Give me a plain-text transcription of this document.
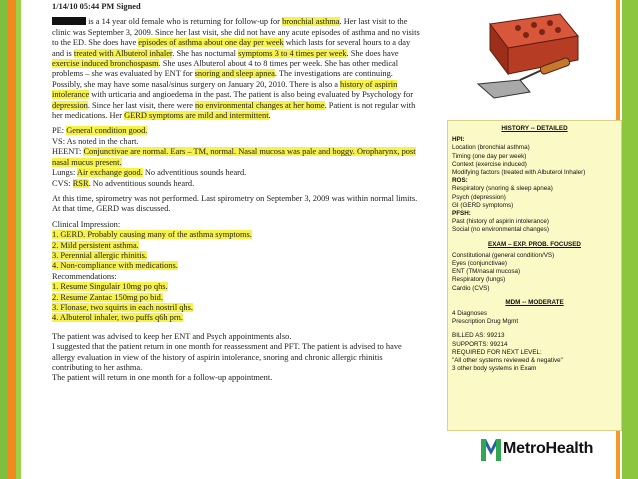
1/14/10 05:44 PM Signed

is a 14 year old female who is returning for follow-up for bronchial asthma. Her last visit to the clinic was September 3, 2009. Since her last visit, she did not have any acute episodes of asthma and no visits to the ED. She does have episodes of asthma about one day per week which lasts for several hours to a day and is treated with Albuterol inhaler. She has nocturnal symptoms 3 to 4 times per week. She does have exercise induced bronchospasm. She uses Albuterol about 4 to 8 times per week. She has other medical problems – she was evaluated by ENT for snoring and sleep apnea. The investigations are continuing. Possibly, she may have some nasal/sinus surgery on January 20, 2010. There is also a history of aspirin intolerance with urticaria and angioedema in the past. The patient is also being evaluated by Psychology for depression. Since her last visit, there were no environmental changes at her home. Patient is not regular with her medications. Her GERD symptoms are mild and intermittent.

PE: General condition good.
VS: As noted in the chart.
HEENT: Conjunctivae are normal. Ears – TM, normal. Nasal mucosa was pale and boggy. Oropharynx, post nasal mucus present.
Lungs: Air exchange good. No adventitious sounds heard.
CVS: RSR. No adventitious sounds heard.

At this time, spirometry was not performed. Last spirometry on September 3, 2009 was within normal limits. At that time, GERD was discussed.

Clinical Impression:
1. GERD. Probably causing many of the asthma symptoms.
2. Mild persistent asthma.
3. Perennial allergic rhinitis.
4. Non-compliance with medications.
Recommendations:
1. Resume Singulair 10mg po qhs.
2. Resume Zantac 150mg po bid.
3. Flonase, two squirts in each nostril qhs.
4. Albuterol inhaler, two puffs q6h prn.
The patient was advised to keep her ENT and Psych appointments also.
I suggested that the patient return in one month for reassessment and PFT. The patient is advised to have allergy evaluation in view of the history of aspirin intolerance, snoring and chronic allergic rhinitis contributing to her asthma.
The patient will return in one month for a follow-up appointment.
HISTORY -- DETAILED
HPI:
Location (bronchial asthma)
Timing (one day per week)
Context (exercise induced)
Modifying factors (treated with Albuterol Inhaler)
ROS:
Respiratory (snoring & sleep apnea)
Psych (depression)
GI (GERD symptoms)
PFSH:
Past (history of aspirin intolerance)
Social (no environmental changes)
EXAM – EXP. PROB. FOCUSED
Constitutional (general condition/VS)
Eyes (conjunctivae)
ENT (TM/nasal mucosa)
Respiratory (lungs)
Cardio (CVS)
MDM -- MODERATE
4 Diagnoses
Prescription Drug Mgmt
BILLED AS: 99213
SUPPORTS: 99214
REQUIRED FOR NEXT LEVEL:
"All other systems reviewed & negative"
3 other body systems in Exam
MetroHealth
